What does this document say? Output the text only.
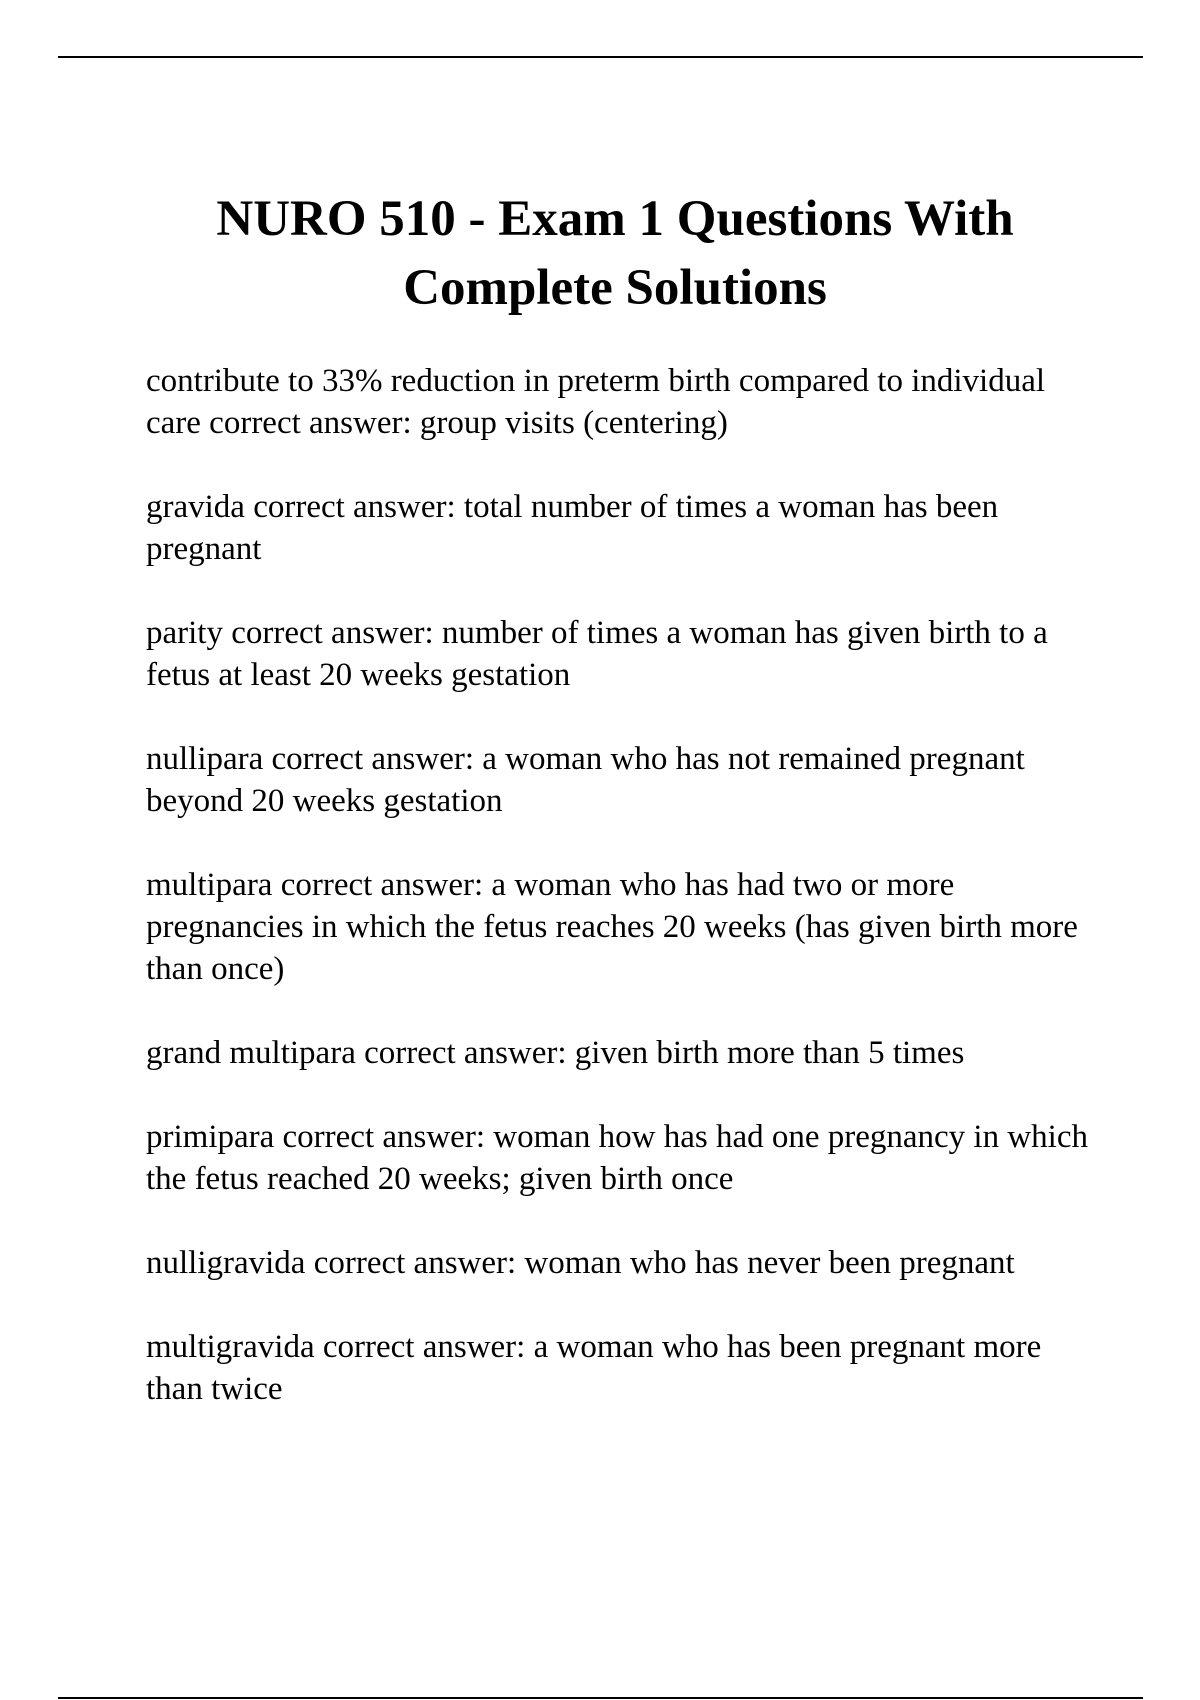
NURO 510 - Exam 1 Questions With Complete Solutions
contribute to 33% reduction in preterm birth compared to individual care correct answer: group visits (centering)
gravida correct answer: total number of times a woman has been pregnant
parity correct answer: number of times a woman has given birth to a fetus at least 20 weeks gestation
nullipara correct answer: a woman who has not remained pregnant beyond 20 weeks gestation
multipara correct answer: a woman who has had two or more pregnancies in which the fetus reaches 20 weeks (has given birth more than once)
grand multipara correct answer: given birth more than 5 times
primipara correct answer: woman how has had one pregnancy in which the fetus reached 20 weeks; given birth once
nulligravida correct answer: woman who has never been pregnant
multigravida correct answer: a woman who has been pregnant more than twice
